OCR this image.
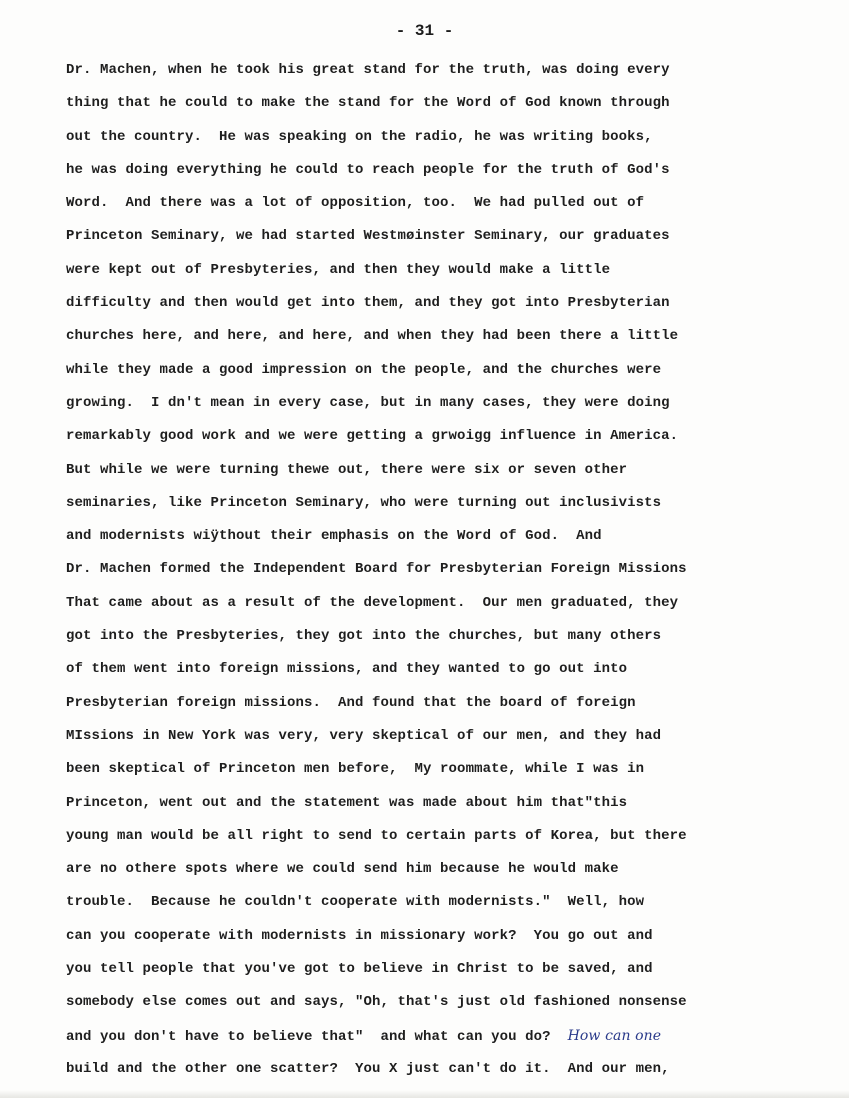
- 31 -
Dr. Machen, when he took his great stand for the truth, was doing every
thing that he could to make the stand for the Word of God known through
out the country.  He was speaking on the radio, he was writing books,
he was doing everything he could to reach people for the truth of God's
Word.  And there was a lot of opposition, too.  We had pulled out of
Princeton Seminary, we had started Westmøinster Seminary, our graduates
were kept out of Presbyteries, and then they would make a little
difficulty and then would get into them, and they got into Presbyterian
churches here, and here, and here, and when they had been there a little
while they made a good impression on the people, and the churches were
growing.  I dn't mean in every case, but in many cases, they were doing
remarkably good work and we were getting a grwoigg influence in America.
But while we were turning thewe out, there were six or seven other
seminaries, like Princeton Seminary, who were turning out inclusivists
and modernists wiÿthout their emphasis on the Word of God.  And
Dr. Machen formed the Independent Board for Presbyterian Foreign Missions
That came about as a result of the development.  Our men graduated, they
got into the Presbyteries, they got into the churches, but many others
of them went into foreign missions, and they wanted to go out into
Presbyterian foreign missions.  And found that the board of foreign
MIssions in New York was very, very skeptical of our men, and they had
been skeptical of Princeton men before,  My roommate, while I was in
Princeton, went out and the statement was made about him that"this
young man would be all right to send to certain parts of Korea, but there
are no othere spots where we could send him because he would make
trouble.  Because he couldn't cooperate with modernists."  Well, how
can you cooperate with modernists in missionary work?  You go out and
you tell people that you've got to believe in Christ to be saved, and
somebody else comes out and says, "Oh, that's just old fashioned nonsense
and you don't have to believe that"  and what can you do?  How can one
build and the other one scatter?  You X just can't do it.  And our men,
